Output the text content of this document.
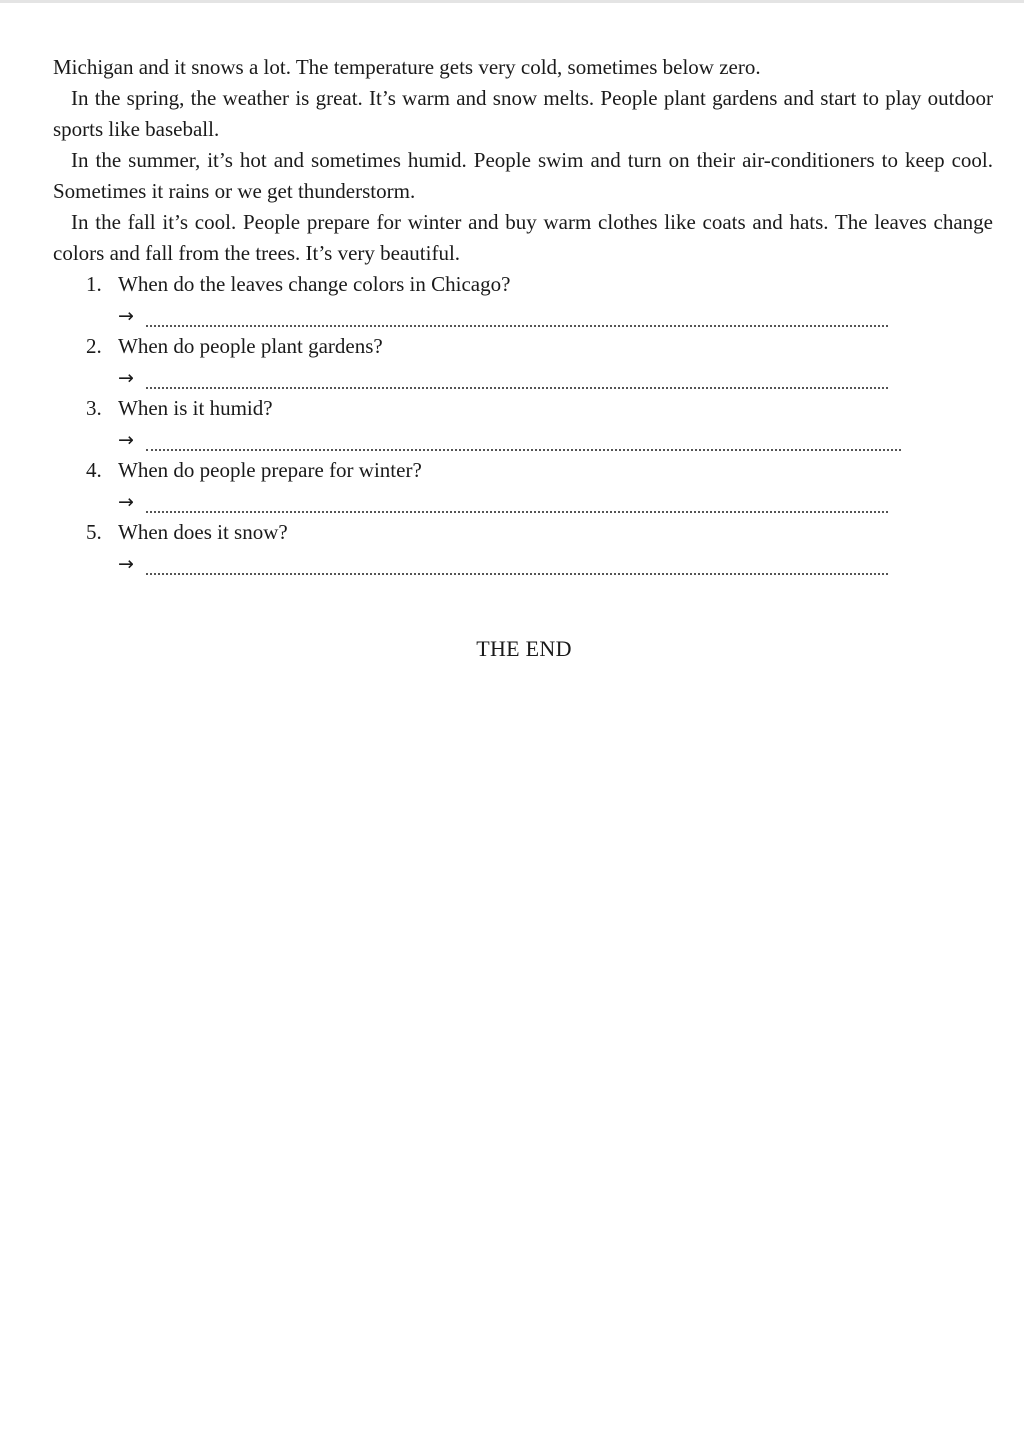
Michigan and it snows a lot. The temperature gets very cold, sometimes below zero.

In the spring, the weather is great. It’s warm and snow melts. People plant gardens and start to play outdoor sports like baseball.

In the summer, it’s hot and sometimes humid. People swim and turn on their air-conditioners to keep cool. Sometimes it rains or we get thunderstorm.

In the fall it’s cool. People prepare for winter and buy warm clothes like coats and hats. The leaves change colors and fall from the trees. It’s very beautiful.

1. When do the leaves change colors in Chicago?
→
2. When do people plant gardens?
→
3. When is it humid?
→
4. When do people prepare for winter?
→
5. When does it snow?
→
THE END
